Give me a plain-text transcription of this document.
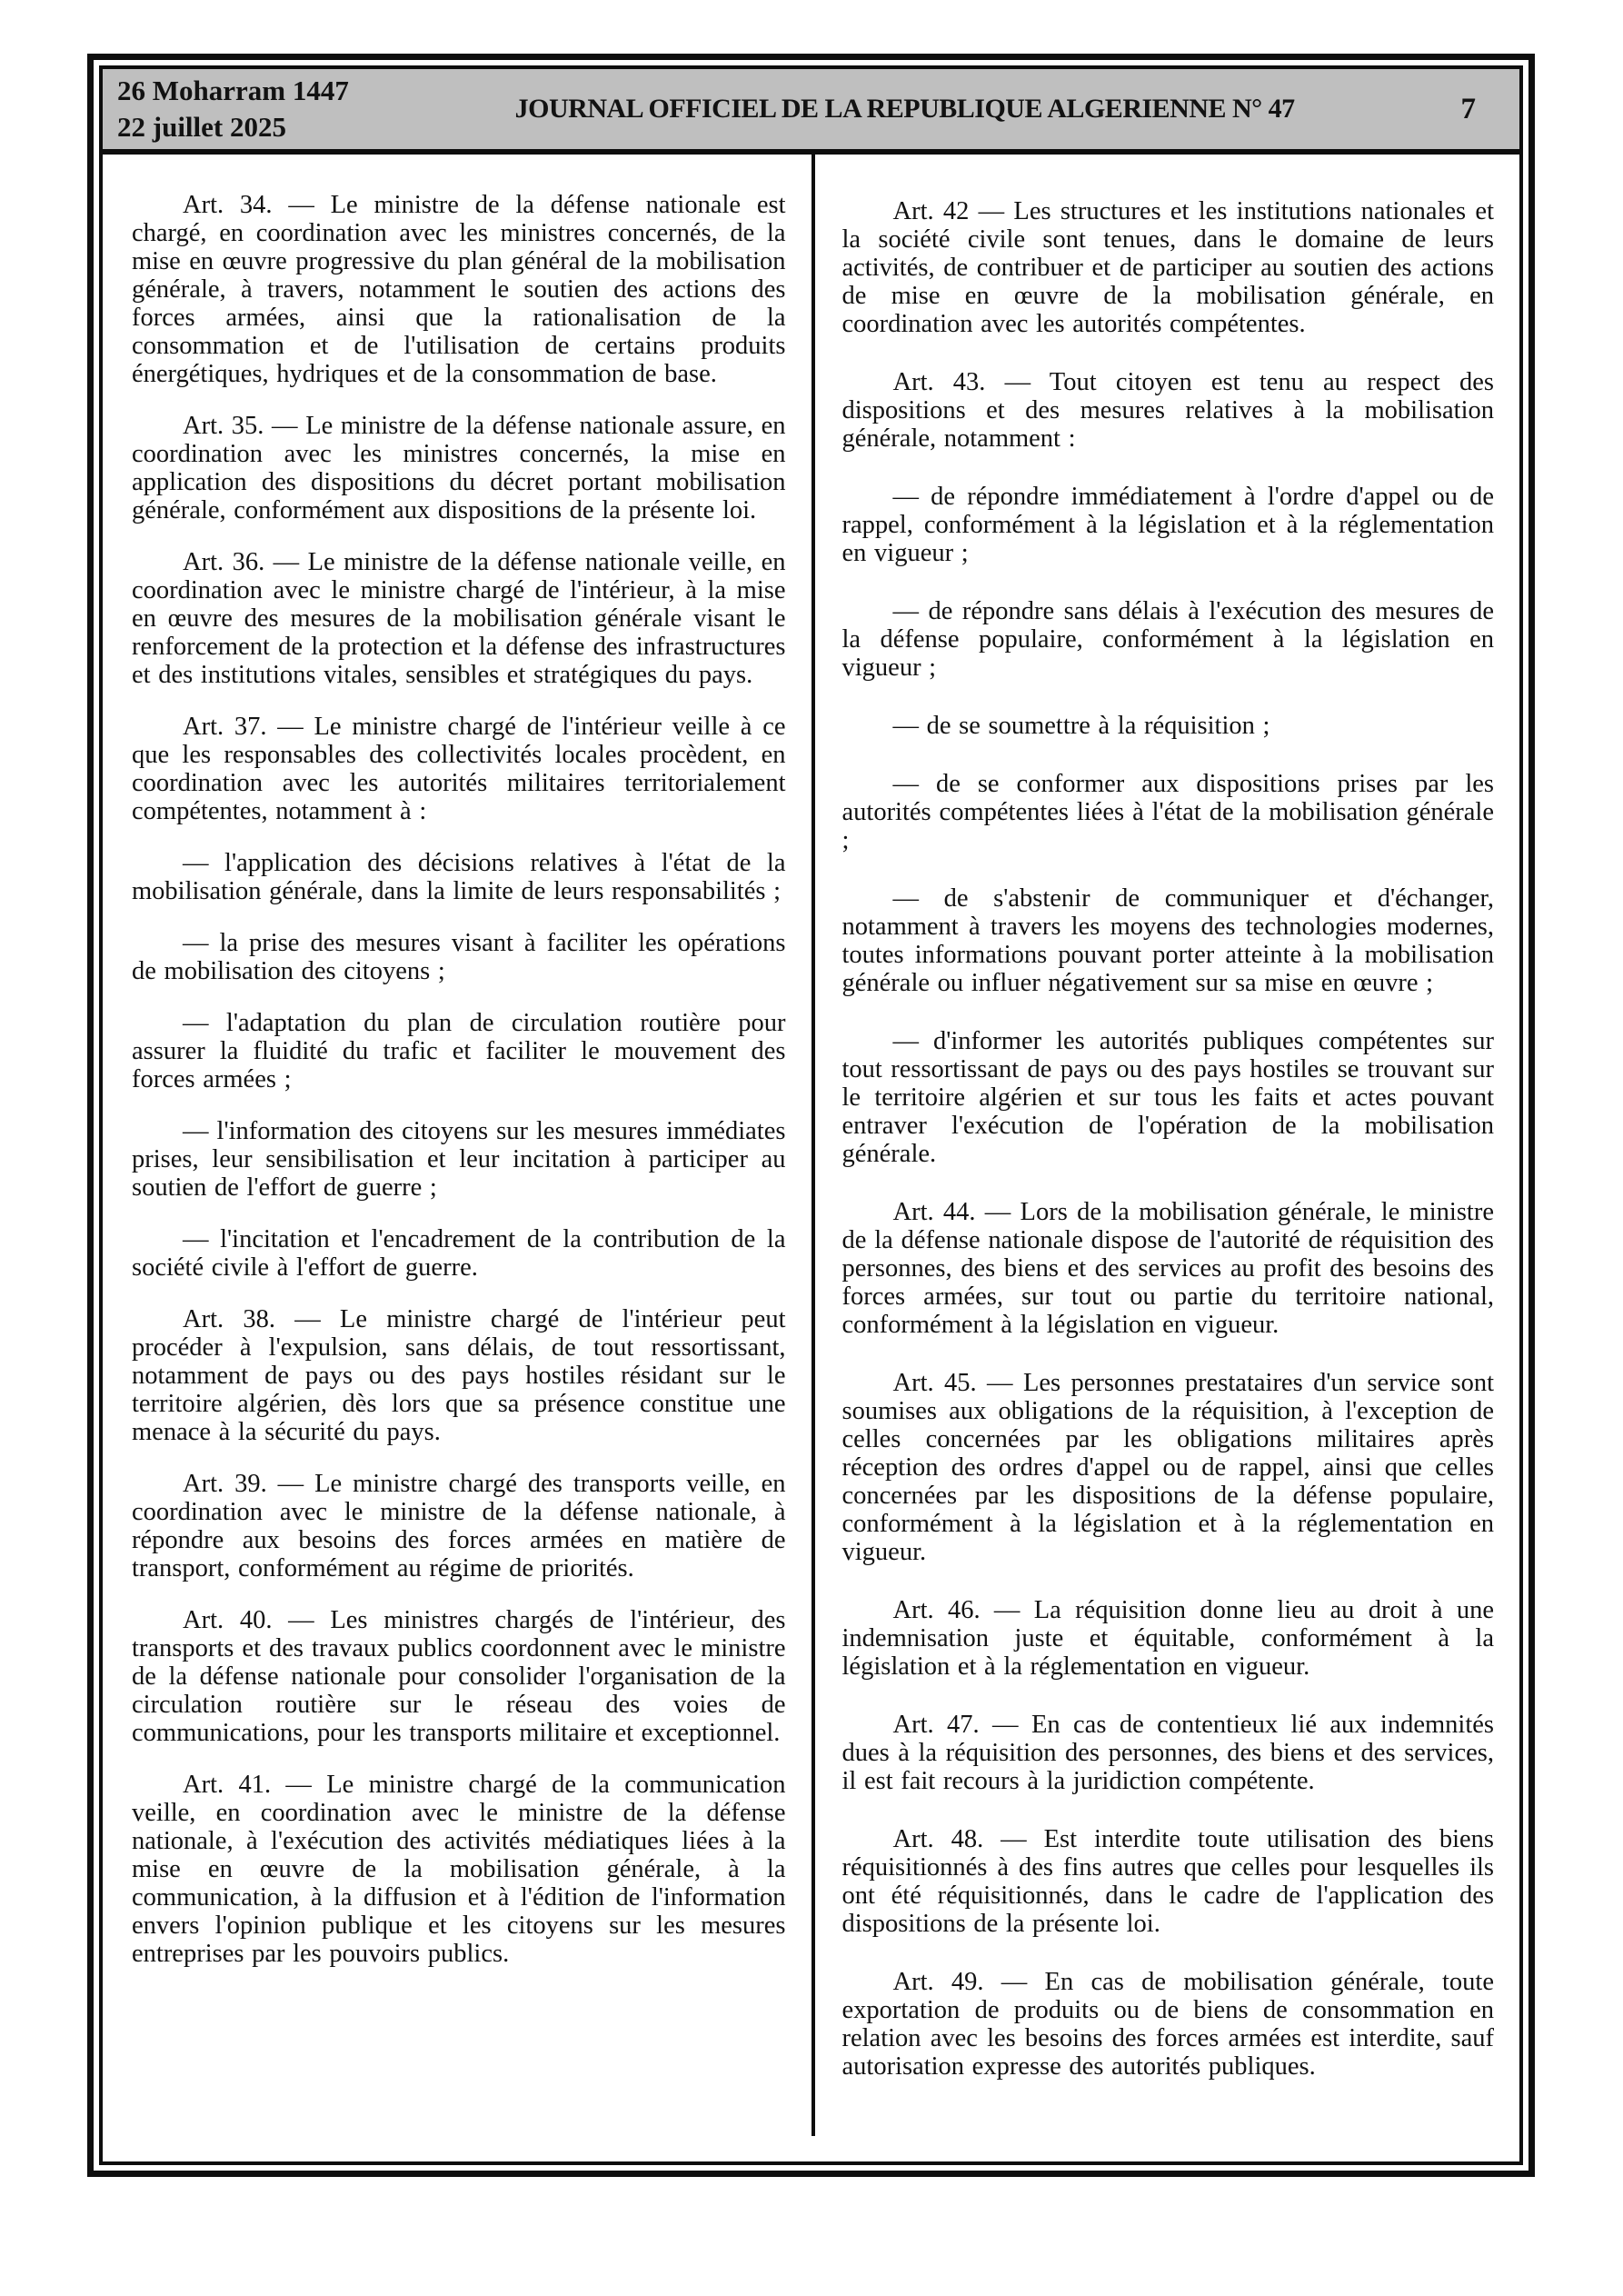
26 Moharram 1447
22 juillet 2025
JOURNAL OFFICIEL DE LA REPUBLIQUE ALGERIENNE N° 47	7

Art. 34. — Le ministre de la défense nationale est chargé, en coordination avec les ministres concernés, de la mise en œuvre progressive du plan général de la mobilisation générale, à travers, notamment le soutien des actions des forces armées, ainsi que la rationalisation de la consommation et de l'utilisation de certains produits énergétiques, hydriques et de la consommation de base.

Art. 35. — Le ministre de la défense nationale assure, en coordination avec les ministres concernés, la mise en application des dispositions du décret portant mobilisation générale, conformément aux dispositions de la présente loi.

Art. 36. — Le ministre de la défense nationale veille, en coordination avec le ministre chargé de l'intérieur, à la mise en œuvre des mesures de la mobilisation générale visant le renforcement de la protection et la défense des infrastructures et des institutions vitales, sensibles et stratégiques du pays.

Art. 37. — Le ministre chargé de l'intérieur veille à ce que les responsables des collectivités locales procèdent, en coordination avec les autorités militaires territorialement compétentes, notamment à :

— l'application des décisions relatives à l'état de la mobilisation générale, dans la limite de leurs responsabilités ;

— la prise des mesures visant à faciliter les opérations de mobilisation des citoyens ;

— l'adaptation du plan de circulation routière pour assurer la fluidité du trafic et faciliter le mouvement des forces armées ;

— l'information des citoyens sur les mesures immédiates prises, leur sensibilisation et leur incitation à participer au soutien de l'effort de guerre ;

— l'incitation et l'encadrement de la contribution de la société civile à l'effort de guerre.

Art. 38. — Le ministre chargé de l'intérieur peut procéder à l'expulsion, sans délais, de tout ressortissant, notamment de pays ou des pays hostiles résidant sur le territoire algérien, dès lors que sa présence constitue une menace à la sécurité du pays.

Art. 39. — Le ministre chargé des transports veille, en coordination avec le ministre de la défense nationale, à répondre aux besoins des forces armées en matière de transport, conformément au régime de priorités.

Art. 40. — Les ministres chargés de l'intérieur, des transports et des travaux publics coordonnent avec le ministre de la défense nationale pour consolider l'organisation de la circulation routière sur le réseau des voies de communications, pour les transports militaire et exceptionnel.

Art. 41. — Le ministre chargé de la communication veille, en coordination avec le ministre de la défense nationale, à l'exécution des activités médiatiques liées à la mise en œuvre de la mobilisation générale, à la communication, à la diffusion et à l'édition de l'information envers l'opinion publique et les citoyens sur les mesures entreprises par les pouvoirs publics.

Art. 42 — Les structures et les institutions nationales et la société civile sont tenues, dans le domaine de leurs activités, de contribuer et de participer au soutien des actions de mise en œuvre de la mobilisation générale, en coordination avec les autorités compétentes.

Art. 43. — Tout citoyen est tenu au respect des dispositions et des mesures relatives à la mobilisation générale, notamment :

— de répondre immédiatement à l'ordre d'appel ou de rappel, conformément à la législation et à la réglementation en vigueur ;

— de répondre sans délais à l'exécution des mesures de la défense populaire, conformément à la législation en vigueur ;

— de se soumettre à la réquisition ;

— de se conformer aux dispositions prises par les autorités compétentes liées à l'état de la mobilisation générale ;

— de s'abstenir de communiquer et d'échanger, notamment à travers les moyens des technologies modernes, toutes informations pouvant porter atteinte à la mobilisation générale ou influer négativement sur sa mise en œuvre ;

— d'informer les autorités publiques compétentes sur tout ressortissant de pays ou des pays hostiles se trouvant sur le territoire algérien et sur tous les faits et actes pouvant entraver l'exécution de l'opération de la mobilisation générale.

Art. 44. — Lors de la mobilisation générale, le ministre de la défense nationale dispose de l'autorité de réquisition des personnes, des biens et des services au profit des besoins des forces armées, sur tout ou partie du territoire national, conformément à la législation en vigueur.

Art. 45. — Les personnes prestataires d'un service sont soumises aux obligations de la réquisition, à l'exception de celles concernées par les obligations militaires après réception des ordres d'appel ou de rappel, ainsi que celles concernées par les dispositions de la défense populaire, conformément à la législation et à la réglementation en vigueur.

Art. 46. — La réquisition donne lieu au droit à une indemnisation juste et équitable, conformément à la législation et à la réglementation en vigueur.

Art. 47. — En cas de contentieux lié aux indemnités dues à la réquisition des personnes, des biens et des services, il est fait recours à la juridiction compétente.

Art. 48. — Est interdite toute utilisation des biens réquisitionnés à des fins autres que celles pour lesquelles ils ont été réquisitionnés, dans le cadre de l'application des dispositions de la présente loi.

Art. 49. — En cas de mobilisation générale, toute exportation de produits ou de biens de consommation en relation avec les besoins des forces armées est interdite, sauf autorisation expresse des autorités publiques.
